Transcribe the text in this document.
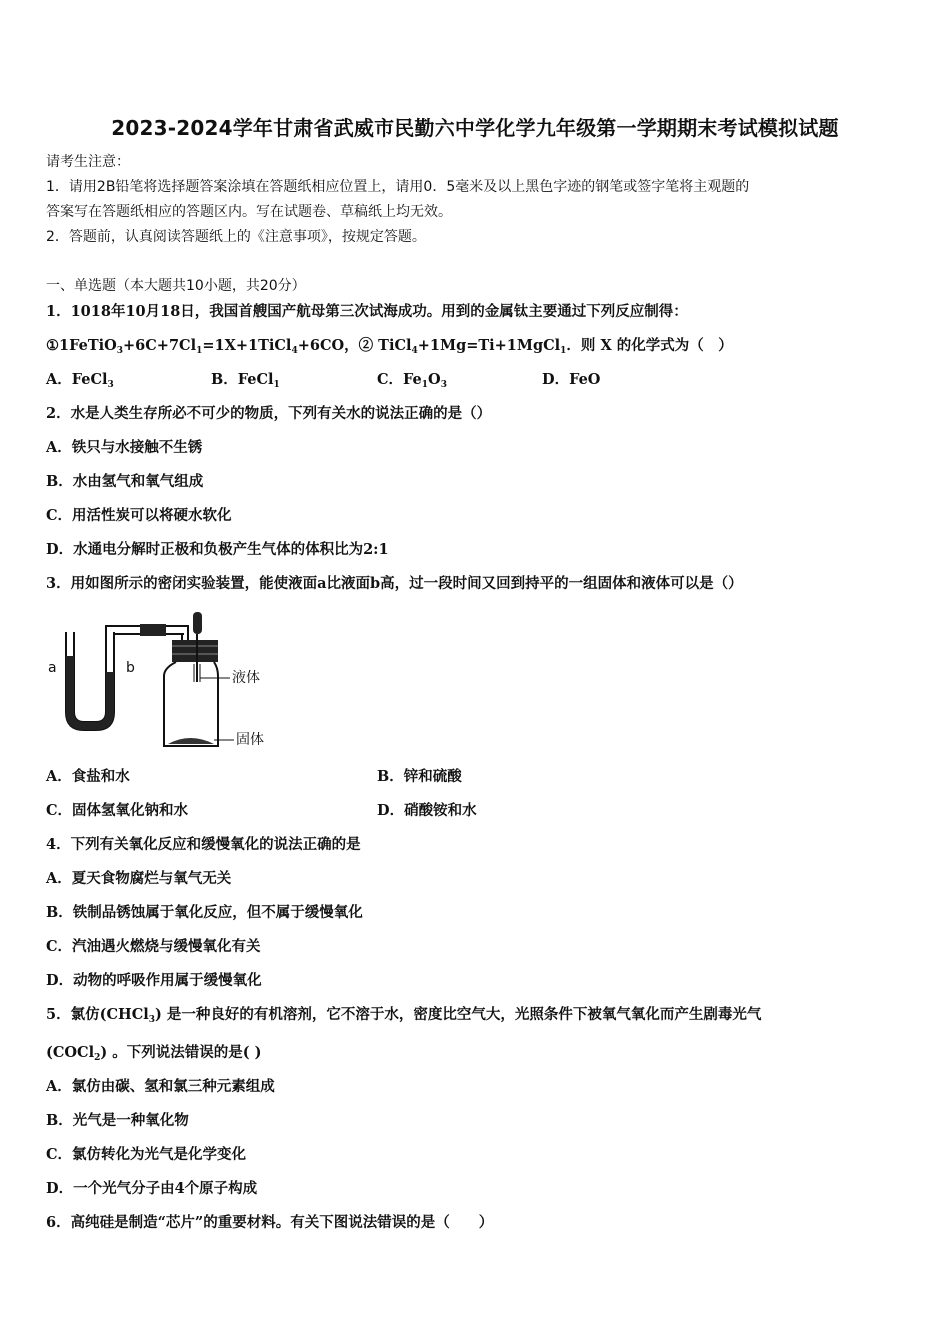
2023-2024学年甘肃省武威市民勤六中学化学九年级第一学期期末考试模拟试题
请考生注意：
1．请用2B铅笔将选择题答案涂填在答题纸相应位置上，请用0．5毫米及以上黑色字迹的钢笔或签字笔将主观题的
答案写在答题纸相应的答题区内。写在试题卷、草稿纸上均无效。
2．答题前，认真阅读答题纸上的《注意事项》，按规定答题。
一、单选题（本大题共10小题，共20分）
1．1018年10月18日，我国首艘国产航母第三次试海成功。用到的金属钛主要通过下列反应制得：
$①1FeTiO_3+6C+7Cl_1=1X+1TiCl_4+6CO$，② TiCl$_4$+1Mg=Ti+1MgCl$_1$．则 X 的化学式为（　）
A．FeCl$_3$	B．FeCl$_1$	C．$Fe_1O_3$	D．FeO
2．水是人类生存所必不可少的物质，下列有关水的说法正确的是（）
A．铁只与水接触不生锈
B．水由氢气和氧气组成
C．用活性炭可以将硬水软化
D．水通电分解时正极和负极产生气体的体积比为2:1
3．用如图所示的密闭实验装置，能使液面a比液面b高，过一段时间又回到持平的一组固体和液体可以是（）
a	b
液体
固体
A．食盐和水	B．锌和硫酸
C．固体氢氧化钠和水	D．硝酸铵和水
4．下列有关氧化反应和缓慢氧化的说法正确的是
A．夏天食物腐烂与氧气无关
B．铁制品锈蚀属于氧化反应，但不属于缓慢氧化
C．汽油遇火燃烧与缓慢氧化有关
D．动物的呼吸作用属于缓慢氧化
5．氯仿(CHCl$_3$) 是一种良好的有机溶剂，它不溶于水，密度比空气大，光照条件下被氧气氧化而产生剧毒光气
(COCl$_2$) 。下列说法错误的是( )
A．氯仿由碳、氢和氯三种元素组成
B．光气是一种氧化物
C．氯仿转化为光气是化学变化
D．一个光气分子由4个原子构成
6．高纯硅是制造“芯片”的重要材料。有关下图说法错误的是（　　）
